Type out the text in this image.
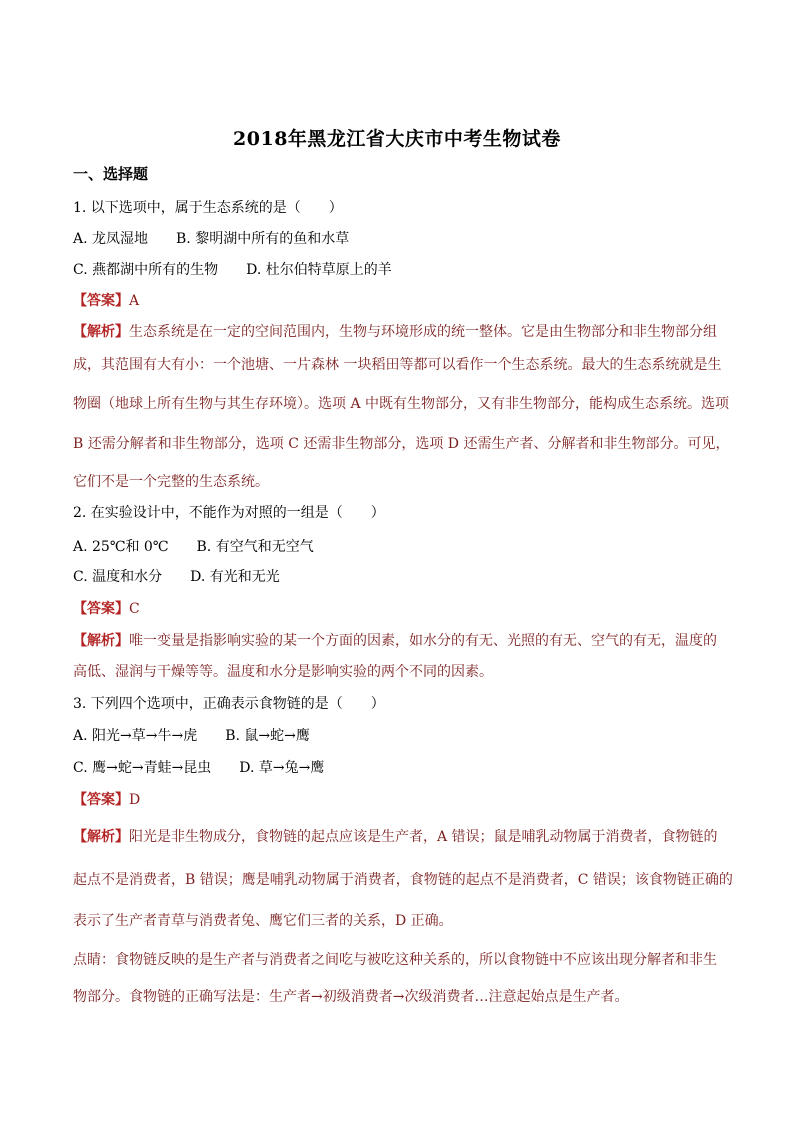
2018年黑龙江省大庆市中考生物试卷
一、选择题
1. 以下选项中，属于生态系统的是（　　）
A. 龙凤湿地　　B. 黎明湖中所有的鱼和水草
C. 燕都湖中所有的生物　　D. 杜尔伯特草原上的羊
【答案】A
【解析】生态系统是在一定的空间范围内，生物与环境形成的统一整体。它是由生物部分和非生物部分组
成，其范围有大有小：一个池塘、一片森林 一块稻田等都可以看作一个生态系统。最大的生态系统就是生
物圈（地球上所有生物与其生存环境）。选项 A 中既有生物部分，又有非生物部分，能构成生态系统。选项
B 还需分解者和非生物部分，选项 C 还需非生物部分，选项 D 还需生产者、分解者和非生物部分。可见，
它们不是一个完整的生态系统。
2. 在实验设计中，不能作为对照的一组是（　　）
A. 25℃和 0℃　　B. 有空气和无空气
C. 温度和水分　　D. 有光和无光
【答案】C
【解析】唯一变量是指影响实验的某一个方面的因素，如水分的有无、光照的有无、空气的有无，温度的
高低、湿润与干燥等等。温度和水分是影响实验的两个不同的因素。
3. 下列四个选项中，正确表示食物链的是（　　）
A. 阳光→草→牛→虎　　B. 鼠→蛇→鹰
C. 鹰→蛇→青蛙→昆虫　　D. 草→兔→鹰
【答案】D
【解析】阳光是非生物成分，食物链的起点应该是生产者，A 错误；鼠是哺乳动物属于消费者，食物链的
起点不是消费者，B 错误；鹰是哺乳动物属于消费者，食物链的起点不是消费者，C 错误；该食物链正确的
表示了生产者青草与消费者兔、鹰它们三者的关系，D 正确。
点睛：食物链反映的是生产者与消费者之间吃与被吃这种关系的，所以食物链中不应该出现分解者和非生
物部分。食物链的正确写法是：生产者→初级消费者→次级消费者…注意起始点是生产者。
